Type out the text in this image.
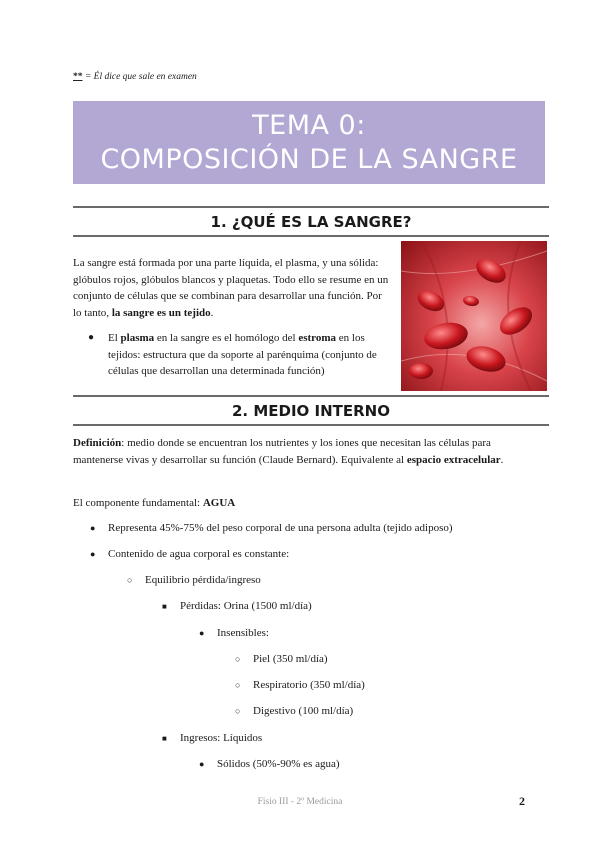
** = Él dice que sale en examen
TEMA 0:
COMPOSICIÓN DE LA SANGRE
1. ¿QUÉ ES LA SANGRE?
La sangre está formada por una parte líquida, el plasma, y una sólida: glóbulos rojos, glóbulos blancos y plaquetas. Todo ello se resume en un conjunto de células que se combinan para desarrollar una función. Por lo tanto, la sangre es un tejido.
●	El plasma en la sangre es el homólogo del estroma en los tejidos: estructura que da soporte al parénquima (conjunto de células que desarrollan una determinada función)
2. MEDIO INTERNO
Definición: medio donde se encuentran los nutrientes y los iones que necesitan las células para mantenerse vivas y desarrollar su función (Claude Bernard). Equivalente al espacio extracelular.
El componente fundamental: AGUA
● Representa 45%-75% del peso corporal de una persona adulta (tejido adiposo)
● Contenido de agua corporal es constante:
○ Equilibrio pérdida/ingreso
■ Pérdidas: Orina (1500 ml/día)
● Insensibles:
○ Piel (350 ml/día)
○ Respiratorio (350 ml/día)
○ Digestivo (100 ml/día)
■ Ingresos: Líquidos
● Sólidos (50%-90% es agua)
Fisio III - 2º Medicina	2
